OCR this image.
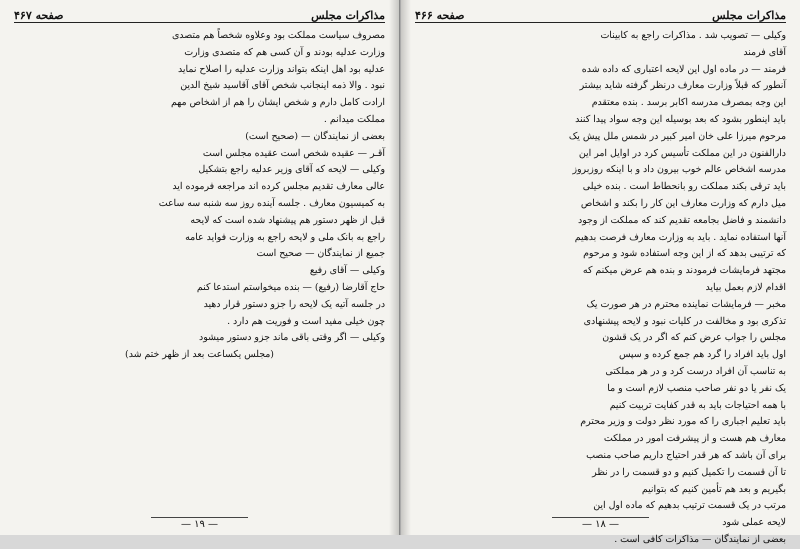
مذاکرات مجلس
صفحه ۴۶۷

مصروف سیاست مملکت بود وعلاوه شخصاً هم متصدی

وزارت عدلیه بودند و آن کسی هم که متصدی وزارت

عدلیه بود اهل اینکه بتواند وزارت عدلیه را اصلاح نماید

نبود . والا ذمه اینجانب شخص آقای آقاسید شیخ الدین

ارادت کامل دارم و شخص ایشان را هم از اشخاص مهم

مملکت میدانم .

بعضی از نمایندگان — (صحیح است)

آقـر — عقیده شخص است عقیده مجلس است

وکیلی — لایحه که آقای وزیر عدلیه راجع بتشکیل

عالی معارف تقدیم مجلس کرده اند مراجعه فرموده اید

به کمیسیون معارف . جلسه آینده روز سه شنبه سه ساعت

قبل از ظهر دستور هم پیشنهاد شده است که لایحه

راجع به بانک ملی و لایحه راجع به وزارت فواید عامه

جمیع از نمایندگان — صحیح است

وکیلی — آقای رفیع

حاج آقارضا (رفیع) — بنده میخواستم استدعا کنم

در جلسه آتیه یک لایحه را جزو دستور قرار دهید

چون خیلی مفید است و فوریت هم دارد .

وکیلی — اگر وقتی باقی ماند جزو دستور میشود

(مجلس یکساعت بعد از ظهر ختم شد)

— ۱۹ —
مذاکرات مجلس
صفحه ۴۶۶

وکیلی — تصویب شد . مذاکرات راجع به کابینات

آقای فرمند

فرمند — در ماده اول این لایحه اعتباری که داده شده

آنطور که قبلاً وزارت معارف درنظر گرفته شاید بیشتر

این وجه بمصرف مدرسه اکابر برسد . بنده معتقدم

باید اینطور بشود که بعد بوسیله این وجه سواد پیدا کنند

مرحوم میرزا علی خان امیر کبیر در شمس ملل پیش یک

دارالفنون در این مملکت تأسیس کرد در اوایل امر این

مدرسه اشخاص عالم خوب بیرون داد و با اینکه روزبروز

باید ترقی بکند مملکت رو بانحطاط است . بنده خیلی

میل دارم که وزارت معارف این کار را بکند و اشخاص

دانشمند و فاضل بجامعه تقدیم کند که مملکت از وجود

آنها استفاده نماید . باید به وزارت معارف فرصت بدهیم

که ترتیبی بدهد که از این وجه استفاده شود و مرحوم

مجتهد فرمایشات فرمودند و بنده هم عرض میکنم که

اقدام لازم بعمل بیاید

مخبر — فرمایشات نماینده محترم در هر صورت یک

تذکری بود و مخالفت در کلیات نبود و لایحه پیشنهادی

مجلس را جواب عرض کنم که اگر در یک قشون

اول باید افراد را گرد هم جمع کرده و سپس

به تناسب آن افراد درست کرد و در هر مملکتی

یک نفر یا دو نفر صاحب منصب لازم است و ما

با همه احتیاجات باید به قدر کفایت تربیت کنیم

باید تعلیم اجباری را که مورد نظر دولت و وزیر محترم

معارف هم هست و از پیشرفت امور در مملکت

برای آن باشد که هر قدر احتیاج داریم صاحب منصب

تا آن قسمت را تکمیل کنیم و دو قسمت را در نظر

بگیریم و بعد هم تأمین کنیم که بتوانیم

مرتب در یک قسمت ترتیب بدهیم که ماده اول این

لایحه عملی شود

بعضی از نمایندگان — مذاکرات کافی است .

— ۱۸ —
